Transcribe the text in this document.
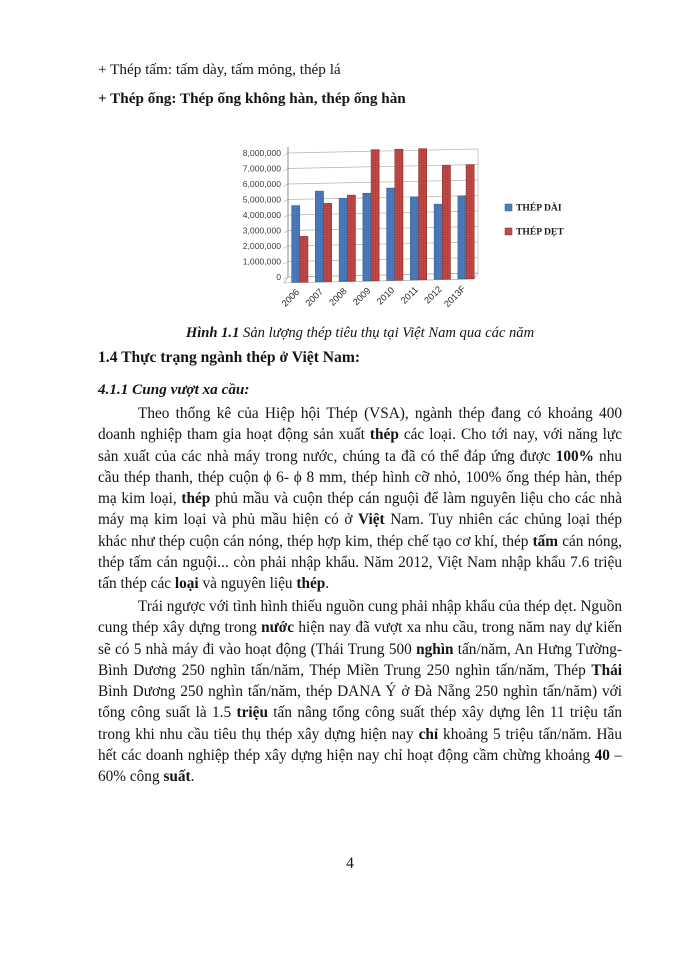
+ Thép tấm: tấm dày, tấm mỏng, thép lá
+ Thép ống: Thép ống không hàn, thép ống hàn
0
1,000,000
2,000,000
3,000,000
4,000,000
5,000,000
6,000,000
7,000,000
8,000,000
2006 2007 2008 2009 2010 2011 2012
2013F
THÉP DÀI
THÉP DẸT
Hình 1.1 Sản lượng thép tiêu thụ tại Việt Nam qua các năm
1.4 Thực trạng ngành thép ở Việt Nam:
4.1.1 Cung vượt xa cầu:
Theo thống kê của Hiệp hội Thép (VSA), ngành thép đang có khoảng 400 doanh nghiệp tham gia hoạt động sản xuất thép các loại. Cho tới nay, với năng lực sản xuất của các nhà máy trong nước, chúng ta đã có thể đáp ứng được 100% nhu cầu thép thanh, thép cuộn ϕ 6- ϕ 8 mm, thép hình cỡ nhỏ, 100% ống thép hàn, thép mạ kim loại, thép phủ mầu và cuộn thép cán nguội để làm nguyên liệu cho các nhà máy mạ kim loại và phủ mầu hiện có ở Việt Nam. Tuy nhiên các chủng loại thép khác như thép cuộn cán nóng, thép hợp kim, thép chế tạo cơ khí, thép tấm cán nóng, thép tấm cán nguội... còn phải nhập khẩu. Năm 2012, Việt Nam nhập khẩu 7.6 triệu tấn thép các loại và nguyên liệu thép.
Trái ngược với tình hình thiếu nguồn cung phải nhập khẩu của thép dẹt. Nguồn cung thép xây dựng trong nước hiện nay đã vượt xa nhu cầu, trong năm nay dự kiến sẽ có 5 nhà máy đi vào hoạt động (Thái Trung 500 nghìn tấn/năm, An Hưng Tường-Bình Dương 250 nghìn tấn/năm, Thép Miền Trung 250 nghìn tấn/năm, Thép Thái Bình Dương 250 nghìn tấn/năm, thép DANA Ý ở Đà Nẵng 250 nghìn tấn/năm) với tổng công suất là 1.5 triệu tấn nâng tổng công suất thép xây dựng lên 11 triệu tấn trong khi nhu cầu tiêu thụ thép xây dựng hiện nay chỉ khoảng 5 triệu tấn/năm. Hầu hết các doanh nghiệp thép xây dựng hiện nay chỉ hoạt động cầm chừng khoảng 40 – 60% công suất.
4
